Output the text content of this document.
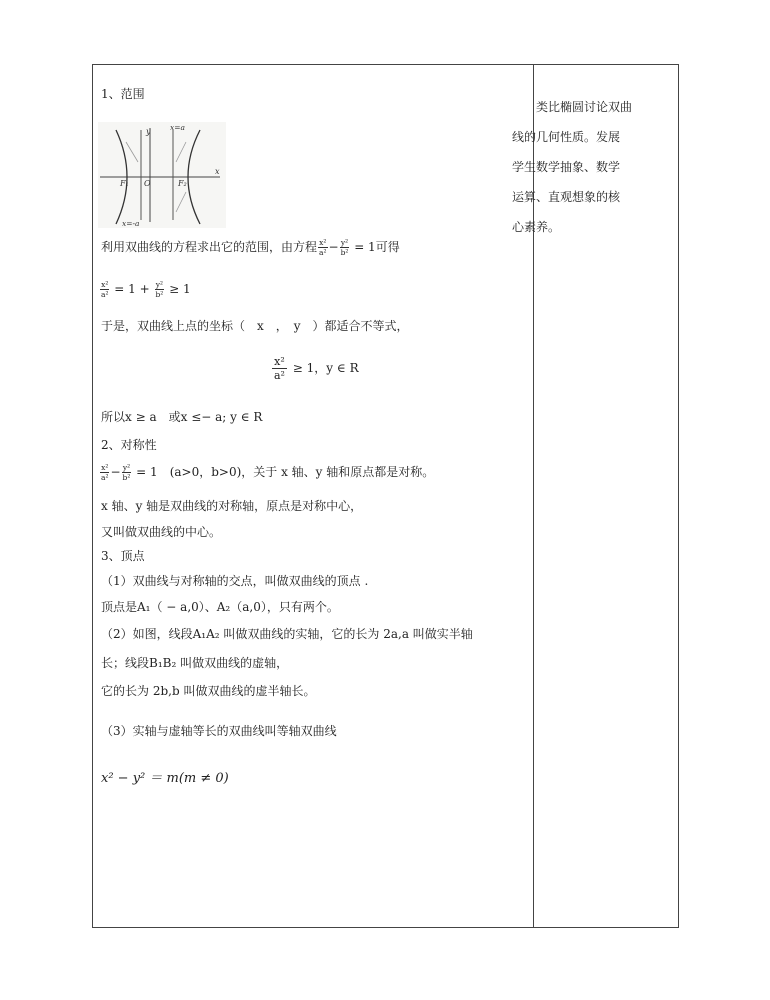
1、范围
y
x
x=a
x=-a
F₁ O	F₂
利用双曲线的方程求出它的范围，由方程 $\frac{\text{x²}}{\text{a²}} - \frac{\text{y²}}{\text{b²}} = 1$可得
$\frac{\text{x²}}{\text{a²}} = 1 + \frac{\text{y²}}{\text{b²}} \ge 1$
于是，双曲线上点的坐标（　x　，　y　）都适合不等式，
$\frac{\text{x²}}{\text{a²}} \ge 1$，y ∈ R
所以x ≥ a　或x ≤− a; y ∈ R
2、对称性
$\frac{\text{x²}}{\text{a²}} - \frac{\text{y²}}{\text{b²}} = 1$　(a>0，b>0)，关于 x 轴、y 轴和原点都是对称。
x 轴、y 轴是双曲线的对称轴，原点是对称中心，
又叫做双曲线的中心。
3、顶点
（1）双曲线与对称轴的交点，叫做双曲线的顶点 .
顶点是A₁（ − a,0）、A₂（a,0），只有两个。
（2）如图，线段A₁A₂ 叫做双曲线的实轴，它的长为 2a,a 叫做实半轴
长；线段B₁B₂ 叫做双曲线的虚轴，
它的长为 2b,b 叫做双曲线的虚半轴长。
（3）实轴与虚轴等长的双曲线叫等轴双曲线
x² − y² ＝ m(m ≠ 0)

类比椭圆讨论双曲

线的几何性质。发展

学生数学抽象、数学

运算、直观想象的核

心素养。
